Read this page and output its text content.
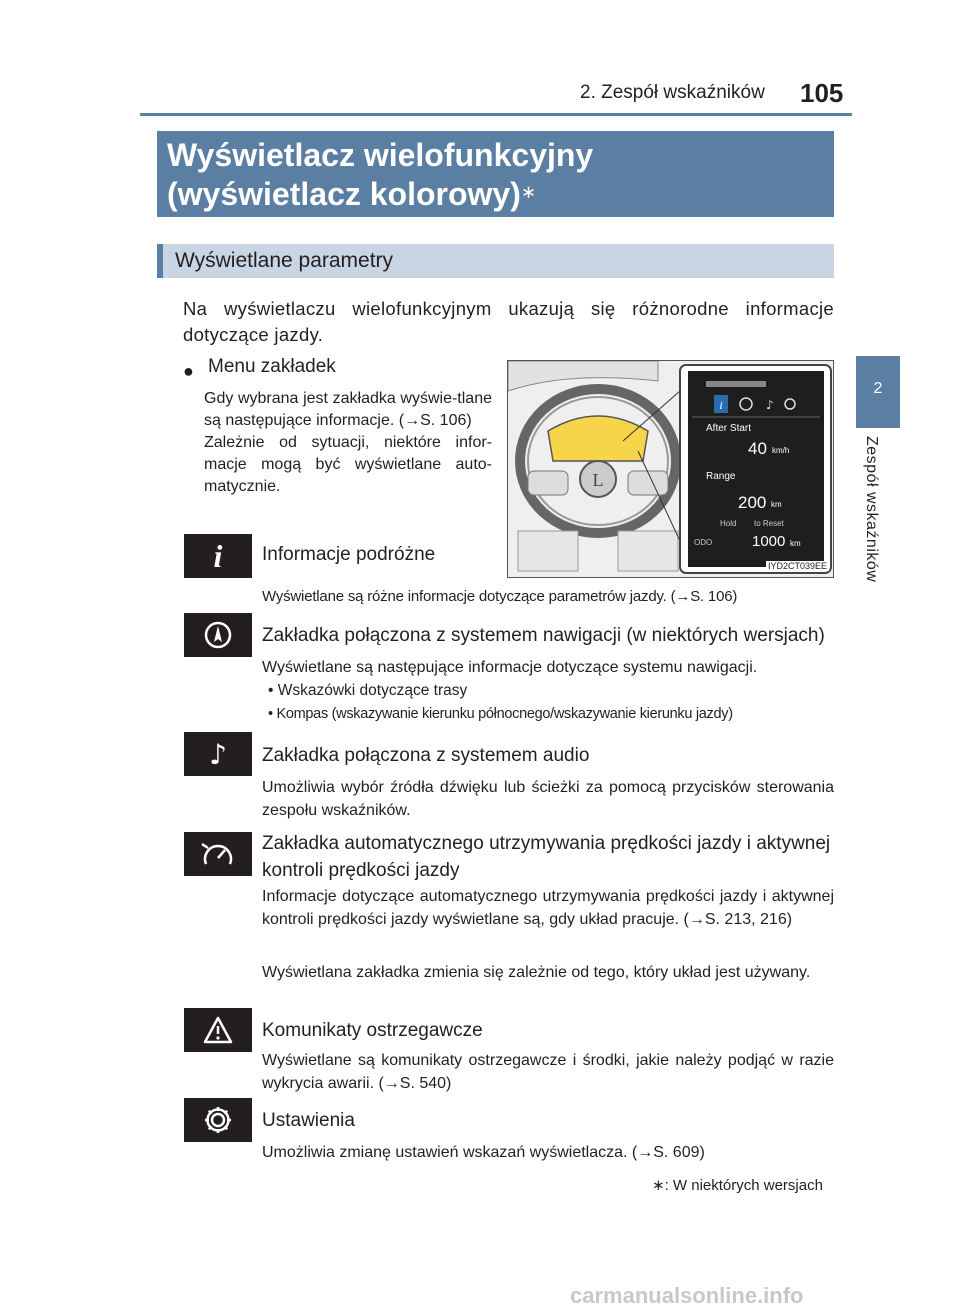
2. Zespół wskaźników 105
2
Zespół wskaźników
Wyświetlacz wielofunkcyjny
(wyświetlacz kolorowy)∗
Wyświetlane parametry
Na wyświetlaczu wielofunkcyjnym ukazują się różnorodne informacje dotyczące jazdy.
● Menu zakładek
Gdy wybrana jest zakładka wyświe-tlane są następujące informacje. (→S. 106)
Zależnie od sytuacji, niektóre infor-macje mogą być wyświetlane auto-matycznie.	L
i	♪
After Start
40 km/h
Range
200 km
Hold to Reset
ODO	1000 km
IYD2CT039EE
i Informacje podróżne
Wyświetlane są różne informacje dotyczące parametrów jazdy. (→S. 106)
Zakładka połączona z systemem nawigacji (w niektórych wersjach)
Wyświetlane są następujące informacje dotyczące systemu nawigacji.
• Wskazówki dotyczące trasy
• Kompas (wskazywanie kierunku północnego/wskazywanie kierunku jazdy)
♪ Zakładka połączona z systemem audio
Umożliwia wybór źródła dźwięku lub ścieżki za pomocą przycisków sterowania zespołu wskaźników.
Zakładka automatycznego utrzymywania prędkości jazdy i aktywnej kontroli prędkości jazdy
Informacje dotyczące automatycznego utrzymywania prędkości jazdy i aktywnej kontroli prędkości jazdy wyświetlane są, gdy układ pracuje. (→S. 213, 216)
Wyświetlana zakładka zmienia się zależnie od tego, który układ jest używany.
Komunikaty ostrzegawcze
Wyświetlane są komunikaty ostrzegawcze i środki, jakie należy podjąć w razie wykrycia awarii. (→S. 540)
Ustawienia
Umożliwia zmianę ustawień wskazań wyświetlacza. (→S. 609)
∗: W niektórych wersjach
carmanualsonline.info
